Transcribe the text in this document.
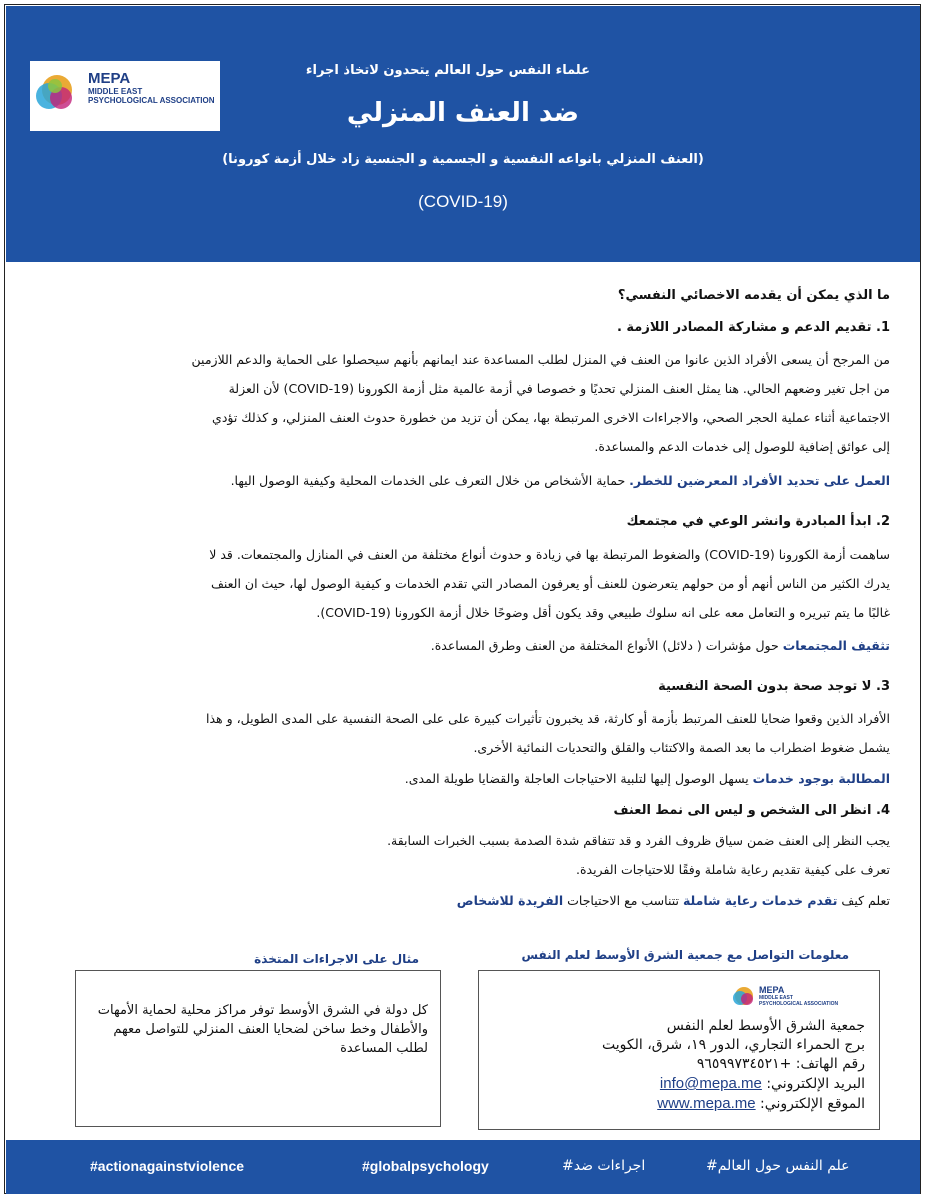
MEPA
MIDDLE EAST
PSYCHOLOGICAL ASSOCIATION
علماء النفس حول العالم يتحدون لاتخاذ اجراء
ضد العنف المنزلي
(العنف المنزلي بانواعه النفسية و الجسمية و الجنسية زاد خلال أزمة كورونا)
(COVID-19)
ما الذي يمكن أن يقدمه الاخصائي النفسي؟
1. تقديم الدعم و مشاركة المصادر اللازمة .
من المرجح أن يسعى الأفراد الذين عانوا من العنف في المنزل لطلب المساعدة عند ايمانهم بأنهم سيحصلوا على الحماية والدعم اللازمين
من اجل تغير وضعهم الحالي. هنا يمثل العنف المنزلي تحديًا و خصوصا في أزمة عالمية مثل أزمة الكورونا (COVID-19) لأن العزلة
الاجتماعية أثناء عملية الحجر الصحي، والاجراءات الاخرى المرتبطة بها، يمكن أن تزيد من خطورة حدوث العنف المنزلي، و كذلك تؤدي
إلى عوائق إضافية للوصول إلى خدمات الدعم والمساعدة.
العمل على تحديد الأفراد المعرضين للخطر. حماية الأشخاص من خلال التعرف على الخدمات المحلية وكيفية الوصول اليها.
2. ابدأ المبادرة وانشر الوعي في مجتمعك
ساهمت أزمة الكورونا (COVID-19) والضغوط المرتبطة بها في زيادة و حدوث أنواع مختلفة من العنف في المنازل والمجتمعات. قد لا
يدرك الكثير من الناس أنهم أو من حولهم يتعرضون للعنف أو يعرفون المصادر التي تقدم الخدمات و كيفية الوصول لها، حيث ان العنف
غالبًا ما يتم تبريره و التعامل معه على انه سلوك طبيعي وقد يكون أقل وضوحًا خلال أزمة الكورونا (COVID-19).
تثقيف المجتمعات حول مؤشرات ( دلائل) الأنواع المختلفة من العنف وطرق المساعدة.
3. لا توجد صحة بدون الصحة النفسية
الأفراد الذين وقعوا ضحايا للعنف المرتبط بأزمة أو كارثة، قد يخبرون تأثيرات كبيرة على على الصحة النفسية على المدى الطويل، و هذا
يشمل ضغوط اضطراب ما بعد الصمة والاكتئاب والقلق والتحديات النمائية الأخرى.
المطالبة بوجود خدمات يسهل الوصول إليها لتلبية الاحتياجات العاجلة والقضايا طويلة المدى.
4. انظر الى الشخص و ليس الى نمط العنف
يجب النظر إلى العنف ضمن سياق ظروف الفرد و قد تتفاقم شدة الصدمة بسبب الخبرات السابقة.
تعرف على كيفية تقديم رعاية شاملة وفقًا للاحتياجات الفريدة.
تعلم كيف تقدم خدمات رعاية شاملة تتناسب مع الاحتياجات الفريدة للاشخاص
مثال على الاجراءات المتخذة
كل دولة في الشرق الأوسط توفر مراكز محلية لحماية الأمهات والأطفال وخط ساخن لضحايا العنف المنزلي للتواصل معهم لطلب المساعدة
معلومات التواصل مع جمعية الشرق الأوسط لعلم النفس
MEPA
MIDDLE EAST
PSYCHOLOGICAL ASSOCIATION
جمعية الشرق الأوسط لعلم النفس
برج الحمراء التجاري، الدور ١٩، شرق، الكويت
رقم الهاتف: +٩٦٥٩٩٧٣٤٥٢١
البريد الإلكتروني: info@mepa.me
الموقع الإلكتروني: www.mepa.me
#actionagainstviolence	#globalpsychology	اجراءات ضد#	علم النفس حول العالم#
